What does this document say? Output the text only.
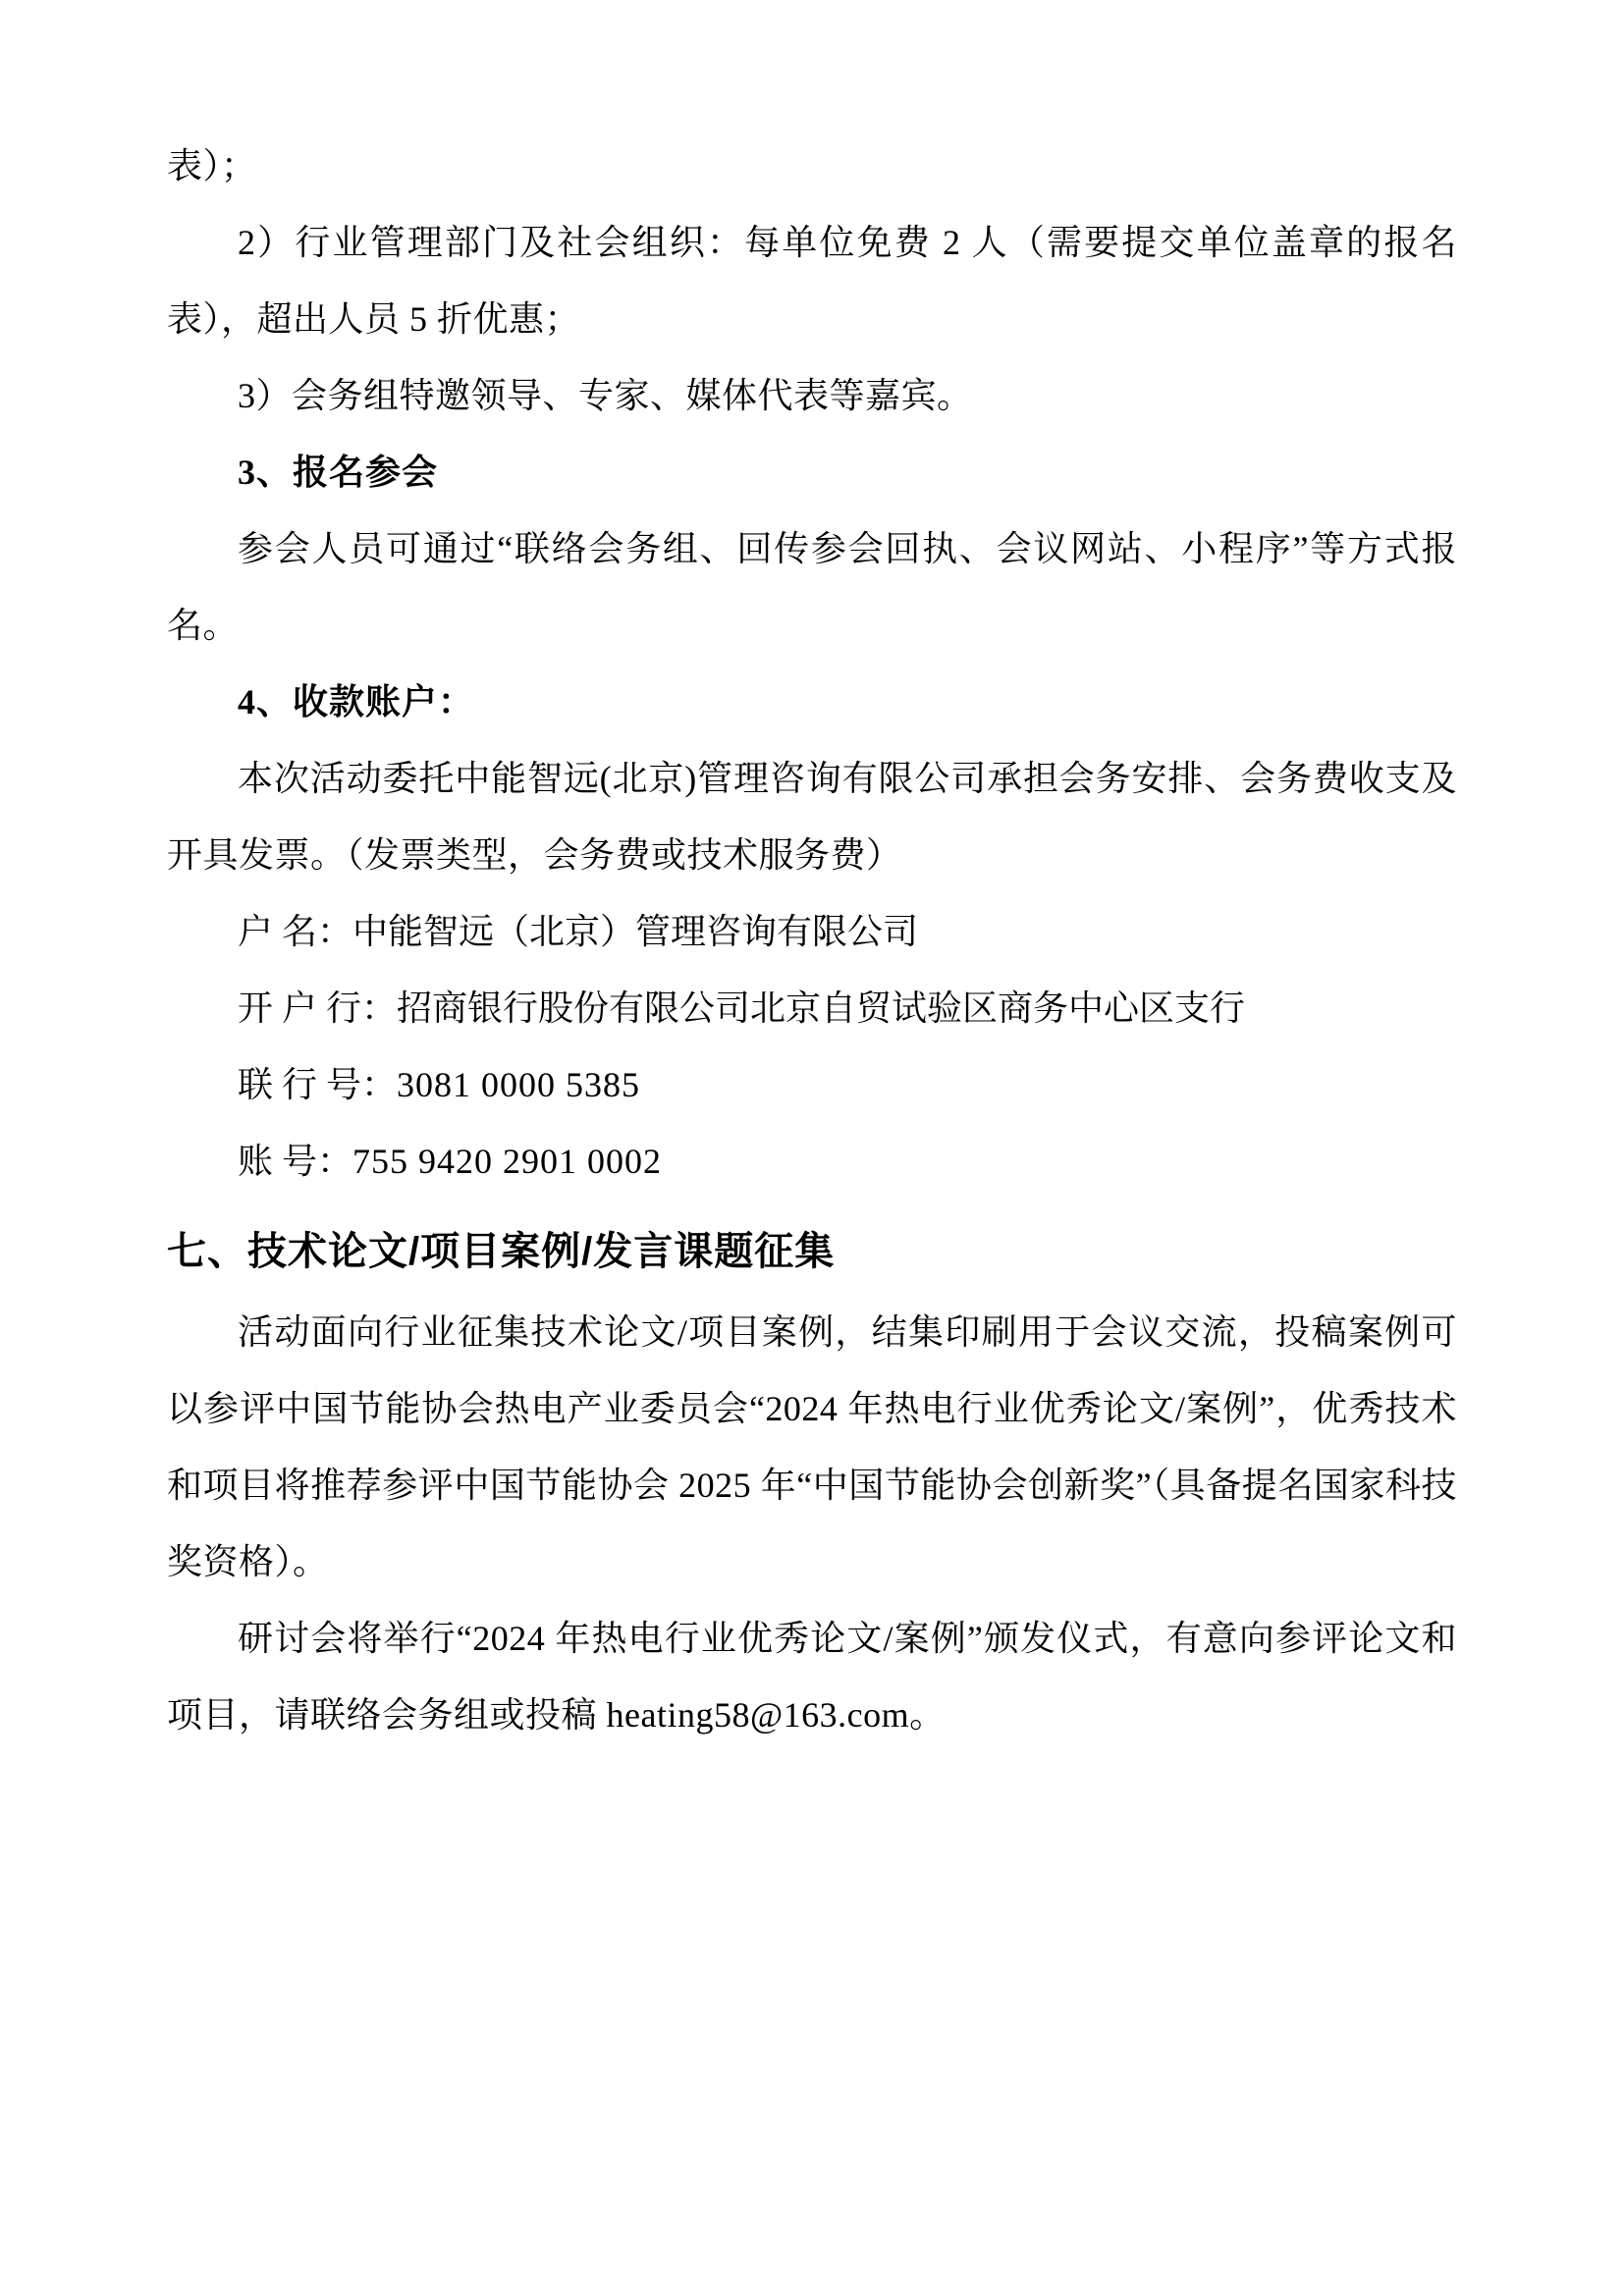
表）；

2）行业管理部门及社会组织：每单位免费 2 人（需要提交单位盖章的报名表），超出人员 5 折优惠；

3）会务组特邀领导、专家、媒体代表等嘉宾。

3、报名参会

参会人员可通过“联络会务组、回传参会回执、会议网站、小程序”等方式报名。

4、收款账户：

本次活动委托中能智远(北京)管理咨询有限公司承担会务安排、会务费收支及开具发票。（发票类型，会务费或技术服务费）

户 名：中能智远（北京）管理咨询有限公司

开 户 行：招商银行股份有限公司北京自贸试验区商务中心区支行

联 行 号：3081 0000 5385

账 号：755 9420 2901 0002

七、技术论文/项目案例/发言课题征集

活动面向行业征集技术论文/项目案例，结集印刷用于会议交流，投稿案例可以参评中国节能协会热电产业委员会“2024 年热电行业优秀论文/案例”，优秀技术和项目将推荐参评中国节能协会 2025 年“中国节能协会创新奖”（具备提名国家科技奖资格）。

研讨会将举行“2024 年热电行业优秀论文/案例”颁发仪式，有意向参评论文和项目，请联络会务组或投稿 heating58@163.com。
